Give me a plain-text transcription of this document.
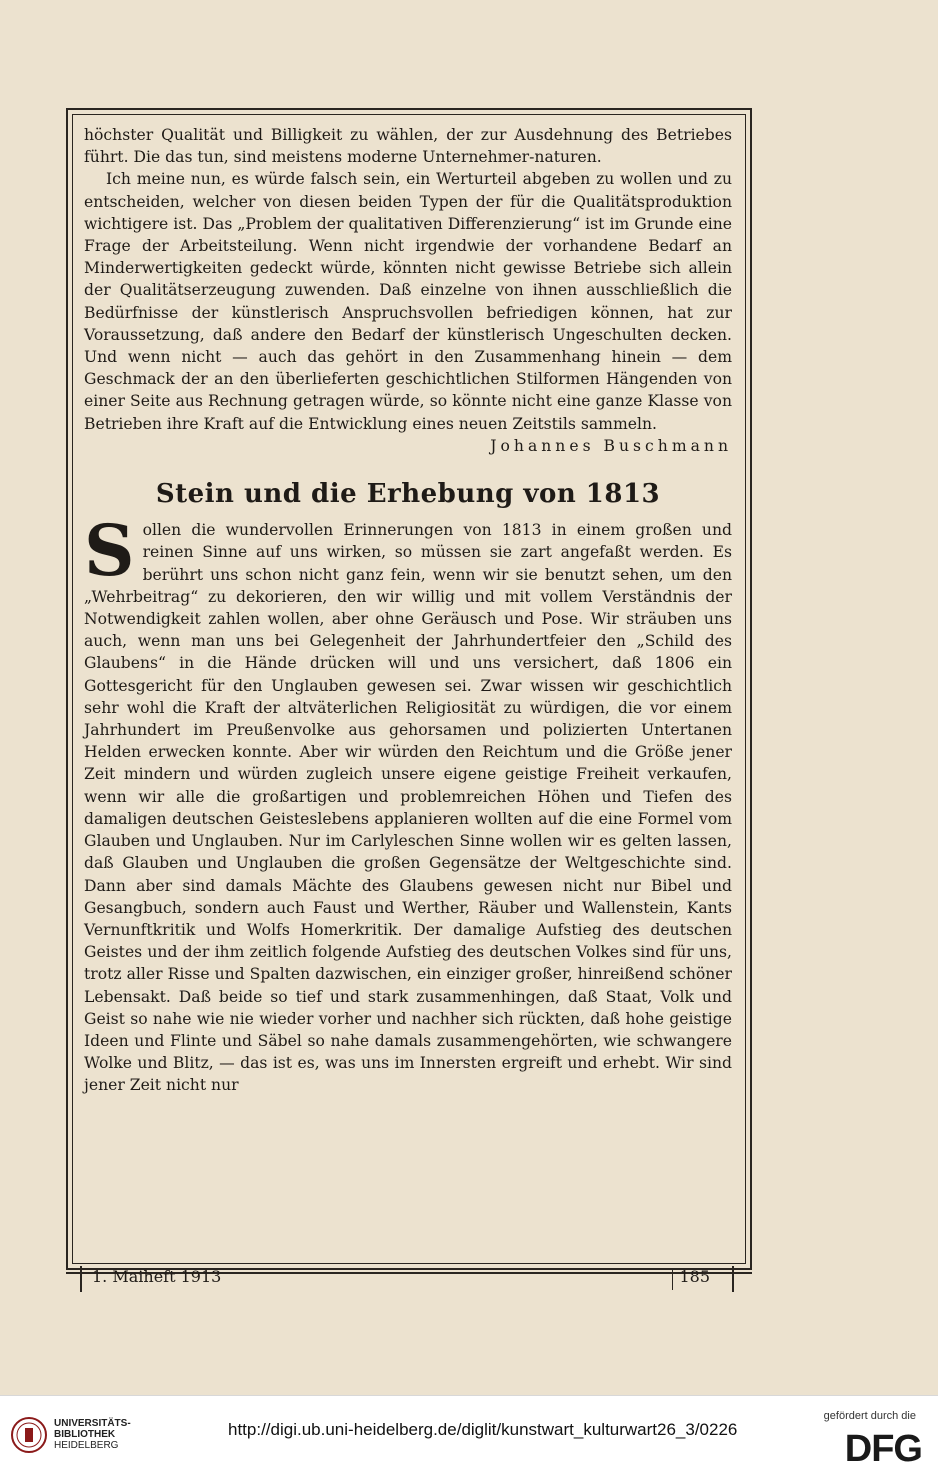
höchster Qualität und Billigkeit zu wählen, der zur Ausdehnung des Betriebes führt. Die das tun, sind meistens moderne Unternehmer-naturen.

Ich meine nun, es würde falsch sein, ein Werturteil abgeben zu wollen und zu entscheiden, welcher von diesen beiden Typen der für die Qualitätsproduktion wichtigere ist. Das „Problem der qualitativen Differenzierung“ ist im Grunde eine Frage der Arbeitsteilung. Wenn nicht irgendwie der vorhandene Bedarf an Minderwertigkeiten gedeckt würde, könnten nicht gewisse Betriebe sich allein der Qualitätserzeugung zuwenden. Daß einzelne von ihnen ausschließlich die Bedürfnisse der künstlerisch Anspruchsvollen befriedigen können, hat zur Voraussetzung, daß andere den Bedarf der künstlerisch Ungeschulten decken. Und wenn nicht — auch das gehört in den Zusammenhang hinein — dem Geschmack der an den überlieferten geschichtlichen Stilformen Hängenden von einer Seite aus Rechnung getragen würde, so könnte nicht eine ganze Klasse von Betrieben ihre Kraft auf die Entwicklung eines neuen Zeitstils sammeln.

Johannes Buschmann
Stein und die Erhebung von 1813

Sollen die wundervollen Erinnerungen von 1813 in einem großen und reinen Sinne auf uns wirken, so müssen sie zart angefaßt werden. Es berührt uns schon nicht ganz fein, wenn wir sie benutzt sehen, um den „Wehrbeitrag“ zu dekorieren, den wir willig und mit vollem Verständnis der Notwendigkeit zahlen wollen, aber ohne Geräusch und Pose. Wir sträuben uns auch, wenn man uns bei Gelegenheit der Jahrhundertfeier den „Schild des Glaubens“ in die Hände drücken will und uns versichert, daß 1806 ein Gottesgericht für den Unglauben gewesen sei. Zwar wissen wir geschichtlich sehr wohl die Kraft der altväterlichen Religiosität zu würdigen, die vor einem Jahrhundert im Preußenvolke aus gehorsamen und polizierten Untertanen Helden erwecken konnte. Aber wir würden den Reichtum und die Größe jener Zeit mindern und würden zugleich unsere eigene geistige Freiheit verkaufen, wenn wir alle die großartigen und problemreichen Höhen und Tiefen des damaligen deutschen Geisteslebens applanieren wollten auf die eine Formel vom Glauben und Unglauben. Nur im Carlyleschen Sinne wollen wir es gelten lassen, daß Glauben und Unglauben die großen Gegensätze der Weltgeschichte sind. Dann aber sind damals Mächte des Glaubens gewesen nicht nur Bibel und Gesangbuch, sondern auch Faust und Werther, Räuber und Wallenstein, Kants Vernunftkritik und Wolfs Homerkritik. Der damalige Aufstieg des deutschen Geistes und der ihm zeitlich folgende Aufstieg des deutschen Volkes sind für uns, trotz aller Risse und Spalten dazwischen, ein einziger großer, hinreißend schöner Lebensakt. Daß beide so tief und stark zusammenhingen, daß Staat, Volk und Geist so nahe wie nie wieder vorher und nachher sich rückten, daß hohe geistige Ideen und Flinte und Säbel so nahe damals zusammengehörten, wie schwangere Wolke und Blitz, — das ist es, was uns im Innersten ergreift und erhebt. Wir sind jener Zeit nicht nur

1. Maiheft 1913	185
UNIVERSITÄTS-
BIBLIOTHEK
HEIDELBERG
http://digi.ub.uni-heidelberg.de/diglit/kunstwart_kulturwart26_3/0226
gefördert durch die
DFG
